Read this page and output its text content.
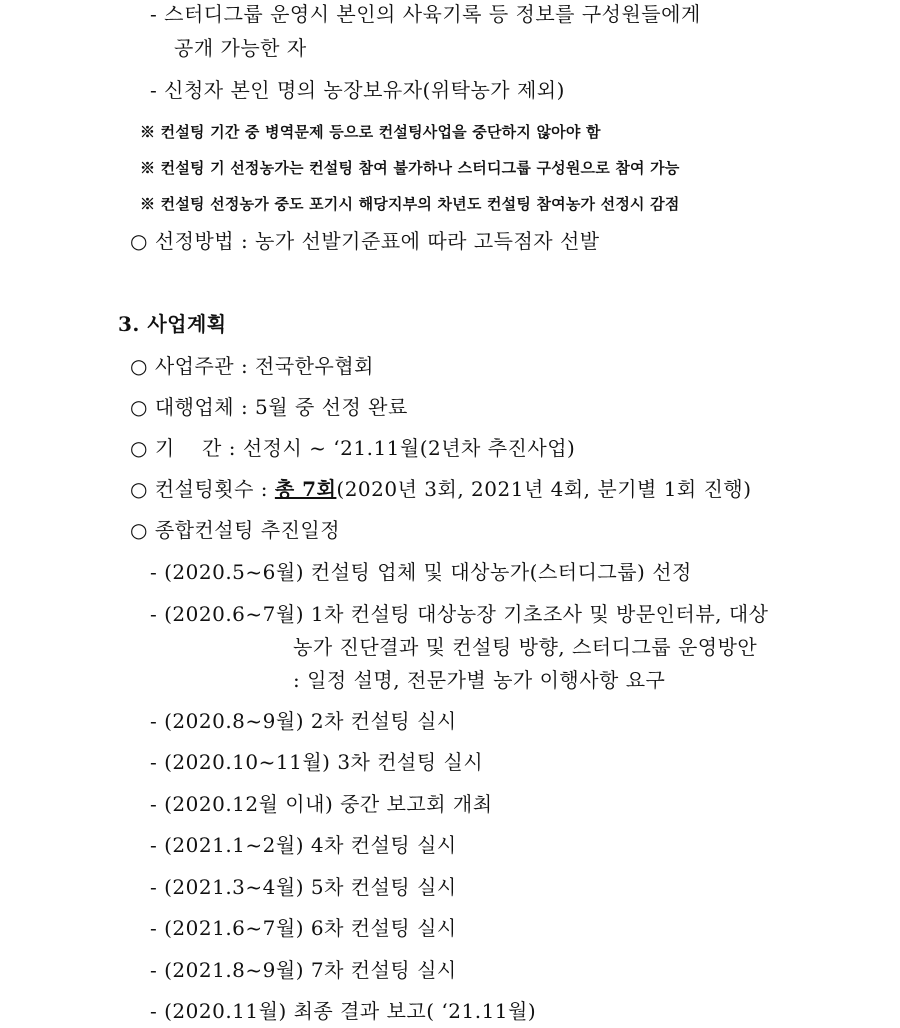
- 스터디그룹 운영시 본인의 사육기록 등 정보를 구성원들에게
공개 가능한 자
- 신청자 본인 명의 농장보유자(위탁농가 제외)
※ 컨설팅 기간 중 병역문제 등으로 컨설팅사업을 중단하지 않아야 함
※ 컨설팅 기 선정농가는 컨설팅 참여 불가하나 스터디그룹 구성원으로 참여 가능
※ 컨설팅 선정농가 중도 포기시 해당지부의 차년도 컨설팅 참여농가 선정시 감점
○ 선정방법 : 농가 선발기준표에 따라 고득점자 선발
3. 사업계획
○ 사업주관 : 전국한우협회
○ 대행업체 : 5월 중 선정 완료
○ 기    간 : 선정시 ~ ‘21.11월(2년차 추진사업)
○ 컨설팅횟수 : 총 7회(2020년 3회, 2021년 4회, 분기별 1회 진행)
○ 종합컨설팅 추진일정
- (2020.5~6월) 컨설팅 업체 및 대상농가(스터디그룹) 선정
- (2020.6~7월) 1차 컨설팅 대상농장 기초조사 및 방문인터뷰, 대상
농가 진단결과 및 컨설팅 방향, 스터디그룹 운영방안
: 일정 설명, 전문가별 농가 이행사항 요구
- (2020.8~9월) 2차 컨설팅 실시
- (2020.10~11월) 3차 컨설팅 실시
- (2020.12월 이내) 중간 보고회 개최
- (2021.1~2월) 4차 컨설팅 실시
- (2021.3~4월) 5차 컨설팅 실시
- (2021.6~7월) 6차 컨설팅 실시
- (2021.8~9월) 7차 컨설팅 실시
- (2020.11월) 최종 결과 보고( ‘21.11월)
